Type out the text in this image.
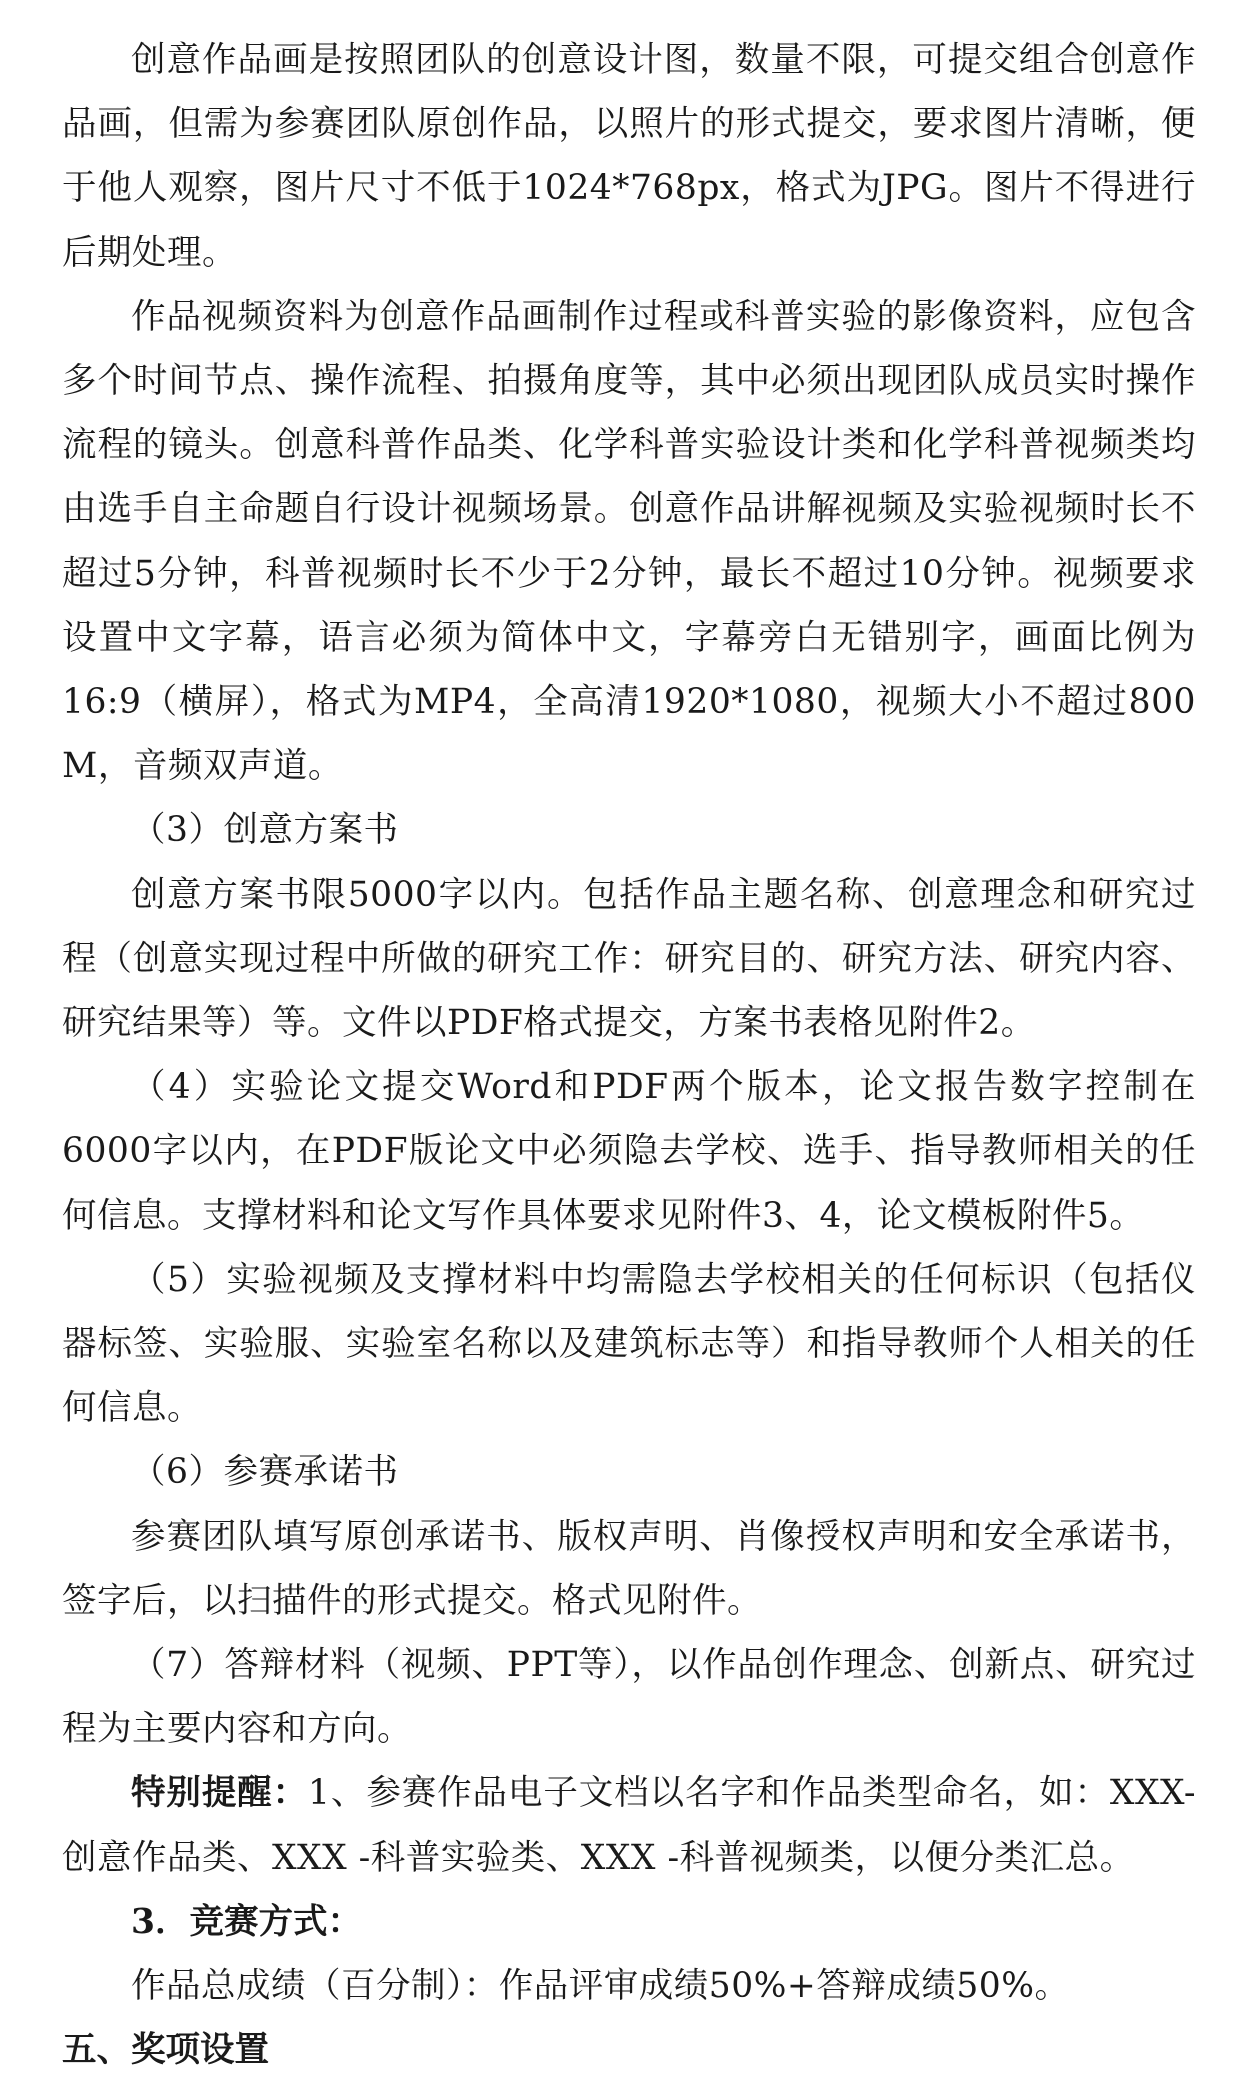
创意作品画是按照团队的创意设计图，数量不限，可提交组合创意作品画，但需为参赛团队原创作品，以照片的形式提交，要求图片清晰，便于他人观察，图片尺寸不低于1024*768px，格式为JPG。图片不得进行后期处理。

作品视频资料为创意作品画制作过程或科普实验的影像资料，应包含多个时间节点、操作流程、拍摄角度等，其中必须出现团队成员实时操作流程的镜头。创意科普作品类、化学科普实验设计类和化学科普视频类均由选手自主命题自行设计视频场景。创意作品讲解视频及实验视频时长不超过5分钟，科普视频时长不少于2分钟，最长不超过10分钟。视频要求设置中文字幕，语言必须为简体中文，字幕旁白无错别字，画面比例为16:9（横屏），格式为MP4，全高清1920*1080，视频大小不超过800 M，音频双声道。

（3）创意方案书

创意方案书限5000字以内。包括作品主题名称、创意理念和研究过程（创意实现过程中所做的研究工作：研究目的、研究方法、研究内容、研究结果等）等。文件以PDF格式提交，方案书表格见附件2。

（4）实验论文提交Word和PDF两个版本，论文报告数字控制在6000字以内，在PDF版论文中必须隐去学校、选手、指导教师相关的任何信息。支撑材料和论文写作具体要求见附件3、4，论文模板附件5。

（5）实验视频及支撑材料中均需隐去学校相关的任何标识（包括仪器标签、实验服、实验室名称以及建筑标志等）和指导教师个人相关的任何信息。

（6）参赛承诺书

参赛团队填写原创承诺书、版权声明、肖像授权声明和安全承诺书，签字后，以扫描件的形式提交。格式见附件。

（7）答辩材料（视频、PPT等），以作品创作理念、创新点、研究过程为主要内容和方向。

特别提醒：1、参赛作品电子文档以名字和作品类型命名，如：XXX-创意作品类、XXX -科普实验类、XXX -科普视频类，以便分类汇总。

3．竞赛方式：

作品总成绩（百分制）：作品评审成绩50%+答辩成绩50%。

五、奖项设置
